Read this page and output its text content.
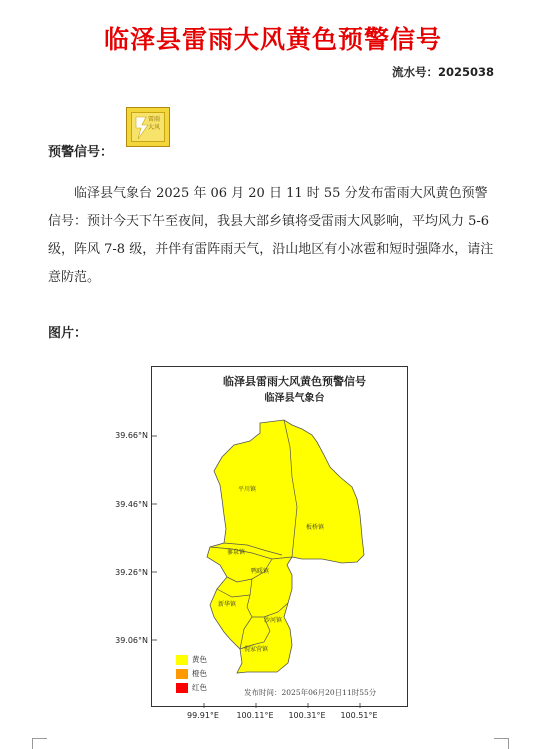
临泽县雷雨大风黄色预警信号
流水号：2025038
预警信号：
雷雨大风
临泽县气象台 2025 年 06 月 20 日 11 时 55 分发布雷雨大风黄色预警信号：预计今天下午至夜间，我县大部乡镇将受雷雨大风影响，平均风力 5-6 级，阵风 7-8 级，并伴有雷阵雨天气，沿山地区有小冰雹和短时强降水，请注意防范。
图片：
39.66°N
39.46°N
39.26°N
39.06°N
99.91°E	100.11°E	100.31°E	100.51°E
临泽县雷雨大风黄色预警信号
临泽县气象台
平川镇
板桥镇
蓼泉镇
鸭暖镇
新华镇
沙河镇
倪家营镇
黄色
橙色
红色
发布时间：2025年06月20日11时55分
